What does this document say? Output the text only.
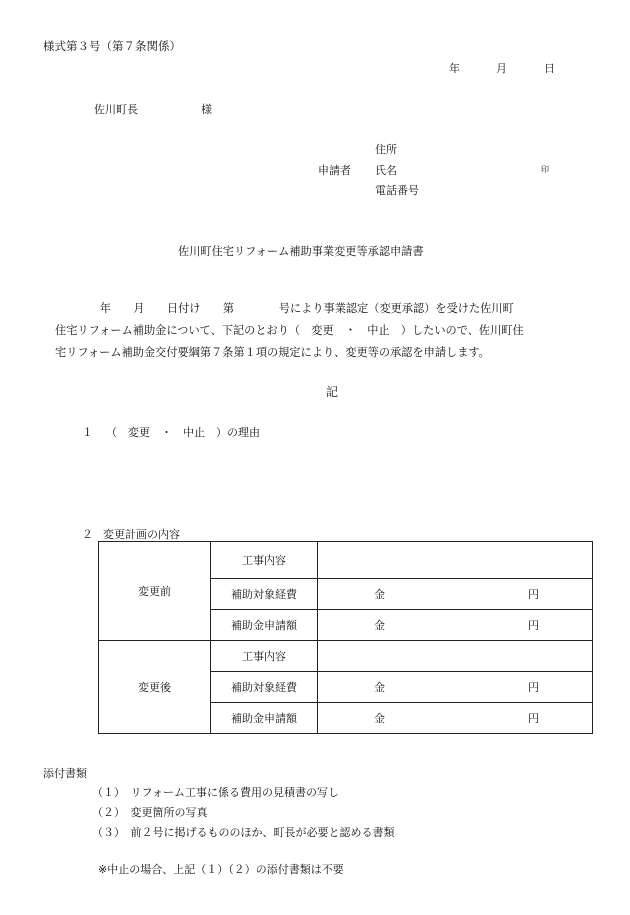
様式第３号（第７条関係）
年	月	日
佐川町長	様
住所
申請者 氏名	印
電話番号
佐川町住宅リフォーム補助事業変更等承認申請書
　　　　年　　月　　日付け　　第　　　　号により事業認定（変更承認）を受けた佐川町
住宅リフォーム補助金について、下記のとおり（　変更　・　中止　）したいので、佐川町住
宅リフォーム補助金交付要綱第７条第１項の規定により、変更等の承認を申請します。
記
１ （　変更　・　中止　）の理由
２ 変更計画の内容
変更前	工事内容	
	補助対象経費	金 円

	補助金申請額	金 円

変更後	工事内容	
	補助対象経費	金 円

	補助金申請額	金 円
添付書類
（１）　リフォーム工事に係る費用の見積書の写し
（２）　変更箇所の写真
（３）　前２号に掲げるもののほか、町長が必要と認める書類
※中止の場合、上記（１）（２）の添付書類は不要
